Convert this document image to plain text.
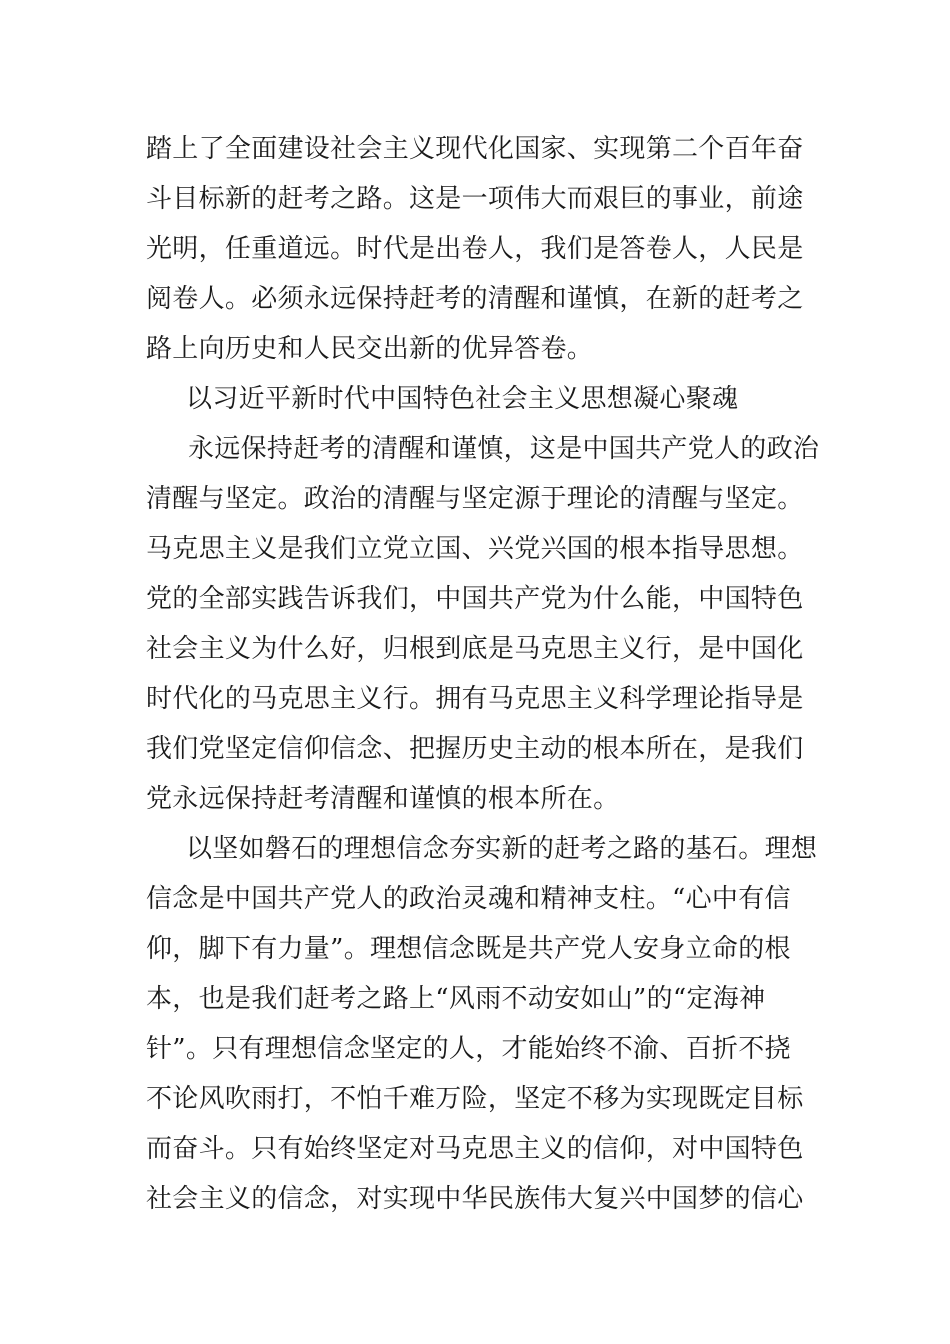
踏上了全面建设社会主义现代化国家、实现第二个百年奋
斗目标新的赶考之路。这是一项伟大而艰巨的事业，前途
光明，任重道远。时代是出卷人，我们是答卷人，人民是
阅卷人。必须永远保持赶考的清醒和谨慎，在新的赶考之
路上向历史和人民交出新的优异答卷。
以习近平新时代中国特色社会主义思想凝心聚魂
永远保持赶考的清醒和谨慎，这是中国共产党人的政治
清醒与坚定。政治的清醒与坚定源于理论的清醒与坚定。
马克思主义是我们立党立国、兴党兴国的根本指导思想。
党的全部实践告诉我们，中国共产党为什么能，中国特色
社会主义为什么好，归根到底是马克思主义行，是中国化
时代化的马克思主义行。拥有马克思主义科学理论指导是
我们党坚定信仰信念、把握历史主动的根本所在，是我们
党永远保持赶考清醒和谨慎的根本所在。
以坚如磐石的理想信念夯实新的赶考之路的基石。理想
信念是中国共产党人的政治灵魂和精神支柱。“心中有信
仰，脚下有力量”。理想信念既是共产党人安身立命的根
本，也是我们赶考之路上“风雨不动安如山”的“定海神
针”。只有理想信念坚定的人，才能始终不渝、百折不挠
不论风吹雨打，不怕千难万险，坚定不移为实现既定目标
而奋斗。只有始终坚定对马克思主义的信仰，对中国特色
社会主义的信念，对实现中华民族伟大复兴中国梦的信心
